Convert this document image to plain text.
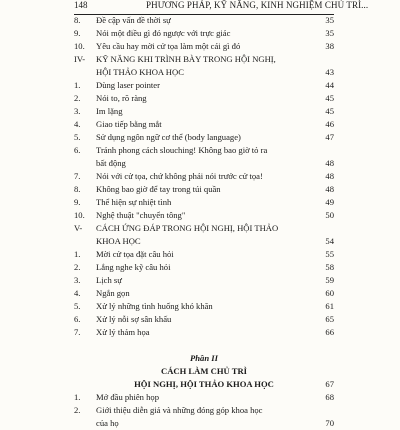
148	PHƯƠNG PHÁP, KỸ NĂNG, KINH NGHIỆM CHỦ TRÌ...
8.	Đề cập vấn đề thời sự	35
9.	Nói một điều gì đó ngược với trực giác	35
10.	Yêu cầu hay mời cử tọa làm một cái gì đó	38
IV-	KỸ NĂNG KHI TRÌNH BÀY TRONG HỘI NGHỊ,
HỘI THẢO KHOA HỌC	43
1.	Dùng laser pointer	44
2.	Nói to, rõ ràng	45
3.	Im lặng	45
4.	Giao tiếp bằng mắt	46
5.	Sử dụng ngôn ngữ cơ thể (body language)	47
6.	Tránh phong cách slouching! Không bao giờ tỏ ra
bất động	48
7.	Nói với cử tọa, chứ không phải nói trước cử tọa!	48
8.	Không bao giờ để tay trong túi quần	48
9.	Thể hiện sự nhiệt tình	49
10.	Nghệ thuật "chuyển tông"	50
V-	CÁCH ỨNG ĐÁP TRONG HỘI NGHỊ, HỘI THẢO
KHOA HỌC	54
1.	Mời cử tọa đặt câu hỏi	55
2.	Lắng nghe kỹ câu hỏi	58
3.	Lịch sự	59
4.	Ngắn gọn	60
5.	Xử lý những tình huống khó khăn	61
6.	Xử lý nỗi sợ sân khấu	65
7.	Xử lý thảm họa	66
Phần II
CÁCH LÀM CHỦ TRÌ
HỘI NGHỊ, HỘI THẢO KHOA HỌC	67
1.	Mở đầu phiên họp	68
2.	Giới thiệu diễn giả và những đóng góp khoa học
của họ	70
